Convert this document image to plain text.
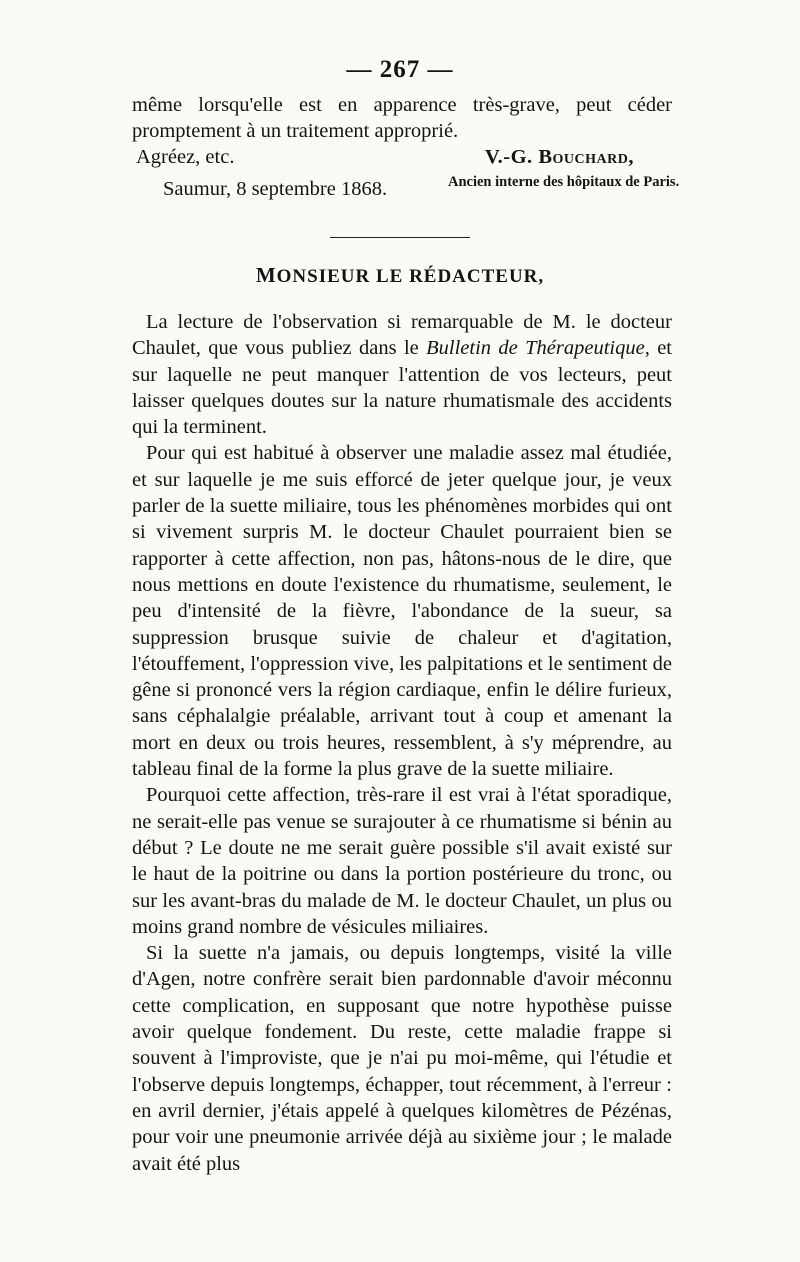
— 267 —

même lorsqu'elle est en apparence très-grave, peut céder promptement à un traitement approprié.

Agréez, etc.	V.-G. Bouchard,
Ancien interne des hôpitaux de Paris.
Saumur, 8 septembre 1868.
MONSIEUR LE RÉDACTEUR,

La lecture de l'observation si remarquable de M. le docteur Chaulet, que vous publiez dans le Bulletin de Thérapeutique, et sur laquelle ne peut manquer l'attention de vos lecteurs, peut laisser quelques doutes sur la nature rhumatismale des accidents qui la terminent.

Pour qui est habitué à observer une maladie assez mal étudiée, et sur laquelle je me suis efforcé de jeter quelque jour, je veux parler de la suette miliaire, tous les phénomènes morbides qui ont si vivement surpris M. le docteur Chaulet pourraient bien se rapporter à cette affection, non pas, hâtons-nous de le dire, que nous mettions en doute l'existence du rhumatisme, seulement, le peu d'intensité de la fièvre, l'abondance de la sueur, sa suppression brusque suivie de chaleur et d'agitation, l'étouffement, l'oppression vive, les palpitations et le sentiment de gêne si prononcé vers la région cardiaque, enfin le délire furieux, sans céphalalgie préalable, arrivant tout à coup et amenant la mort en deux ou trois heures, ressemblent, à s'y méprendre, au tableau final de la forme la plus grave de la suette miliaire.

Pourquoi cette affection, très-rare il est vrai à l'état sporadique, ne serait-elle pas venue se surajouter à ce rhumatisme si bénin au début ? Le doute ne me serait guère possible s'il avait existé sur le haut de la poitrine ou dans la portion postérieure du tronc, ou sur les avant-bras du malade de M. le docteur Chaulet, un plus ou moins grand nombre de vésicules miliaires.

Si la suette n'a jamais, ou depuis longtemps, visité la ville d'Agen, notre confrère serait bien pardonnable d'avoir méconnu cette complication, en supposant que notre hypothèse puisse avoir quelque fondement. Du reste, cette maladie frappe si souvent à l'improviste, que je n'ai pu moi-même, qui l'étudie et l'observe depuis longtemps, échapper, tout récemment, à l'erreur : en avril dernier, j'étais appelé à quelques kilomètres de Pézénas, pour voir une pneumonie arrivée déjà au sixième jour ; le malade avait été plus
